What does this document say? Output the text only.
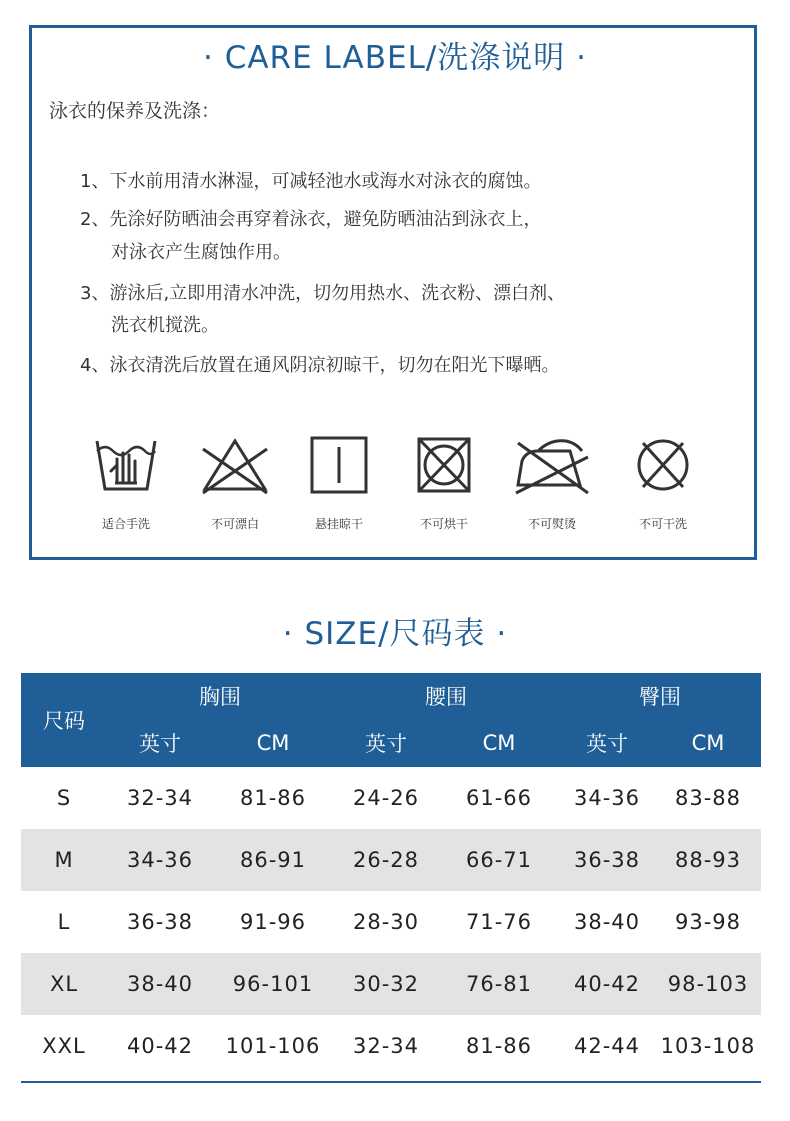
· CARE LABEL/洗涤说明 ·
泳衣的保养及洗涤：
1、下水前用清水淋湿，可减轻池水或海水对泳衣的腐蚀。
2、先涂好防晒油会再穿着泳衣，避免防晒油沾到泳衣上，
对泳衣产生腐蚀作用。
3、游泳后,立即用清水冲洗，切勿用热水、洗衣粉、漂白剂、
洗衣机搅洗。
4、泳衣清洗后放置在通风阴凉初晾干，切勿在阳光下曝晒。
适合手洗	不可漂白	悬挂晾干	不可烘干	不可熨烫	不可干洗
· SIZE/尺码表 ·
尺码	胸围		腰围		臀围	
	英寸	CM	英寸	CM	英寸	CM
S	32-34	81-86	24-26	61-66	34-36	83-88
M	34-36	86-91	26-28	66-71	36-38	88-93
L	36-38	91-96	28-30	71-76	38-40	93-98
XL	38-40	96-101	30-32	76-81	40-42	98-103
XXL	40-42	101-106	32-34	81-86	42-44	103-108
